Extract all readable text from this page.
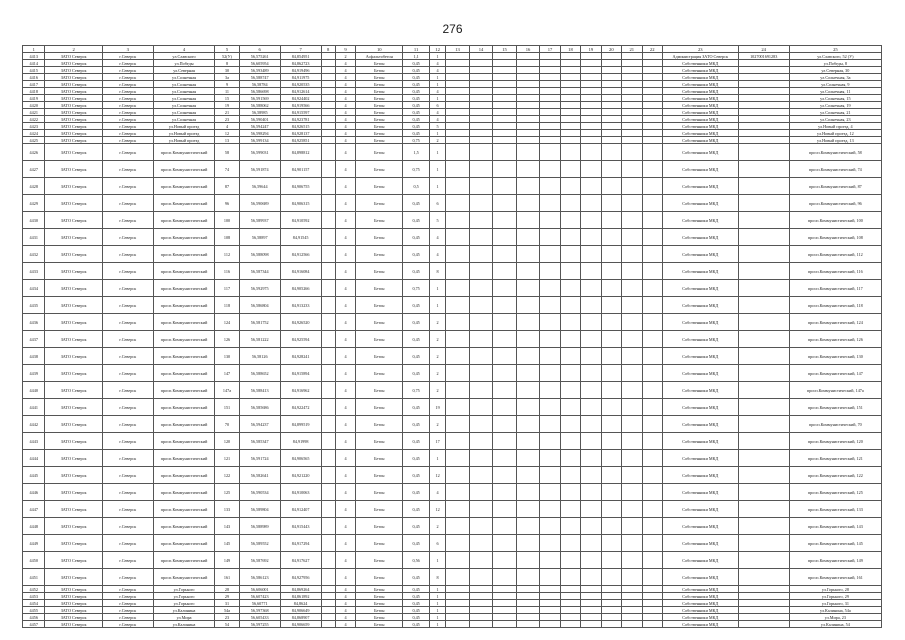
276
1	2	3	4	5	6	7	8	9	10	11	12	13	14	15	16	17	18	19	20	21	22	23	24	25
4413	ЗАТО Северск	г.Северск	ул.Славского	52(У)	56,575261	84,854951		2	Асфальтобетон	1,1	1											Администрация ЗАТО Северск	1027001691283	ул.Славского, 52 (У)
4414	ЗАТО Северск	г.Северск	ул.Победы	8	56,605954	84,862723		4	Бетон	0,45	4											Собственники МКД		ул.Победы, 8
4415	ЗАТО Северск	г.Северск	ул.Северная	30	56,593489	84,919496		4	Бетон	0,45	4											Собственники МКД		ул.Северная, 30
4416	ЗАТО Северск	г.Северск	ул.Солнечная	3а	56,588747	84,911975		4	Бетон	0,45	1											Собственники МКД		ул.Солнечная, 3а
4417	ЗАТО Северск	г.Северск	ул.Солнечная	9	56,58784	84,920535		4	Бетон	0,45	1											Собственники МКД		ул.Солнечная, 9
4418	ЗАТО Северск	г.Северск	ул.Солнечная	11	56,586698	84,912614		4	Бетон	0,45	4											Собственники МКД		ул.Солнечная, 11
4419	ЗАТО Северск	г.Северск	ул.Солнечная	15	56,591569	84,924402		4	Бетон	0,45	1											Собственники МКД		ул.Солнечная, 15
4420	ЗАТО Северск	г.Северск	ул.Солнечная	19	56,588062	84,919566		4	Бетон	0,45	6											Собственники МКД		ул.Солнечная, 19
4421	ЗАТО Северск	г.Северск	ул.Солнечная	21	56,58985	84,915597		4	Бетон	0,45	4											Собственники МКД		ул.Солнечная, 21
4422	ЗАТО Северск	г.Северск	ул.Солнечная	23	56,590401	84,923781		4	Бетон	0,45	4											Собственники МКД		ул.Солнечная, 23
4423	ЗАТО Северск	г.Северск	ул.Новый проезд	4	56,594247	84,926515		4	Бетон	0,45	5											Собственники МКД		ул.Новый проезд, 4
4424	ЗАТО Северск	г.Северск	ул.Новый проезд	12	56,598294	84,928137		4	Бетон	0,45	1											Собственники МКД		ул.Новый проезд, 12
4425	ЗАТО Северск	г.Северск	ул.Новый проезд	13	56,599134	84,925851		4	Бетон	0,75	2											Собственники МКД		ул.Новый проезд, 13
4426	ЗАТО Северск	г.Северск	просп.Коммунистический	58	56,599031	84,898812		4	Бетон	1,5	1											Собственники МКД		просп.Коммунистический, 58
4427	ЗАТО Северск	г.Северск	просп.Коммунистический	74	56,591874	84,901157		4	Бетон	0,75	1											Собственники МКД		просп.Коммунистический, 74
4428	ЗАТО Северск	г.Северск	просп.Коммунистический	87	56,59644	84,906755		4	Бетон	0,5	1											Собственники МКД		просп.Коммунистический, 87
4429	ЗАТО Северск	г.Северск	просп.Коммунистический	96	56,590689	84,906315		4	Бетон	0,45	6											Собственники МКД		просп.Коммунистический, 96
4430	ЗАТО Северск	г.Северск	просп.Коммунистический	100	56,589937	84,910592		4	Бетон	0,45	5											Собственники МКД		просп.Коммунистический, 100
4431	ЗАТО Северск	г.Северск	просп.Коммунистический	108	56,58897	84,91545		4	Бетон	0,45	4											Собственники МКД		просп.Коммунистический, 108
4432	ЗАТО Северск	г.Северск	просп.Коммунистический	112	56,588098	84,912566		4	Бетон	0,45	4											Собственники МКД		просп.Коммунистический, 112
4433	ЗАТО Северск	г.Северск	просп.Коммунистический	116	56,587344	84,916084		4	Бетон	0,45	8											Собственники МКД		просп.Коммунистический, 116
4434	ЗАТО Северск	г.Северск	просп.Коммунистический	117	56,592975	84,905266		4	Бетон	0,75	1											Собственники МКД		просп.Коммунистический, 117
4435	ЗАТО Северск	г.Северск	просп.Коммунистический	118	56,586804	84,913233		4	Бетон	0,45	1											Собственники МКД		просп.Коммунистический, 118
4436	ЗАТО Северск	г.Северск	просп.Коммунистический	124	56,581752	84,926520		4	Бетон	0,45	2											Собственники МКД		просп.Коммунистический, 124
4437	ЗАТО Северск	г.Северск	просп.Коммунистический	126	56,581222	84,925594		4	Бетон	0,45	2											Собственники МКД		просп.Коммунистический, 126
4438	ЗАТО Северск	г.Северск	просп.Коммунистический	130	56,58126	84,928241		4	Бетон	0,45	2											Собственники МКД		просп.Коммунистический, 130
4439	ЗАТО Северск	г.Северск	просп.Коммунистический	147	56,588652	84,915894		4	Бетон	0,45	2											Собственники МКД		просп.Коммунистический, 147
4440	ЗАТО Северск	г.Северск	просп.Коммунистический	147а	56,588413	84,916962		4	Бетон	0,75	2											Собственники МКД		просп.Коммунистический, 147а
4441	ЗАТО Северск	г.Северск	просп.Коммунистический	151	56,585686	84,922472		4	Бетон	0,45	19											Собственники МКД		просп.Коммунистический, 151
4442	ЗАТО Северск	г.Северск	просп.Коммунистический	70	56,594237	84,899519		4	Бетон	0,45	2											Собственники МКД		просп.Коммунистический, 70
4443	ЗАТО Северск	г.Северск	просп.Коммунистический	120	56,585347	84,91998		4	Бетон	0,45	17											Собственники МКД		просп.Коммунистический, 120
4444	ЗАТО Северск	г.Северск	просп.Коммунистический	121	56,591724	84,906565		4	Бетон	0,45	1											Собственники МКД		просп.Коммунистический, 121
4445	ЗАТО Северск	г.Северск	просп.Коммунистический	122	56,582641	84,921220		4	Бетон	0,45	12											Собственники МКД		просп.Коммунистический, 122
4446	ЗАТО Северск	г.Северск	просп.Коммунистический	125	56,590534	84,910063		4	Бетон	0,45	4											Собственники МКД		просп.Коммунистический, 125
4447	ЗАТО Северск	г.Северск	просп.Коммунистический	133	56,589804	84,912407		4	Бетон	0,45	12											Собственники МКД		просп.Коммунистический, 133
4448	ЗАТО Северск	г.Северск	просп.Коммунистический	143	56,588989	84,915443		4	Бетон	0,45	2											Собственники МКД		просп.Коммунистический, 143
4449	ЗАТО Северск	г.Северск	просп.Коммунистический	145	56,589552	84,917294		4	Бетон	0,45	6											Собственники МКД		просп.Коммунистический, 145
4450	ЗАТО Северск	г.Северск	просп.Коммунистический	149	56,587692	84,917627		4	Бетон	0,56	1											Собственники МКД		просп.Коммунистический, 149
4451	ЗАТО Северск	г.Северск	просп.Коммунистический	161	56,586123	84,927956		4	Бетон	0,45	8											Собственники МКД		просп.Коммунистический, 161
4452	ЗАТО Северск	г.Северск	ул.Горького	28	56,606001	84,869264		4	Бетон	0,45	1											Собственники МКД		ул.Горького, 28
4453	ЗАТО Северск	г.Северск	ул.Горького	29	56,607423	84,861892		4	Бетон	0,45	1											Собственники МКД		ул.Горького, 29
4454	ЗАТО Северск	г.Северск	ул.Горького	31	56,60771	84,8624		4	Бетон	0,45	1											Собственники МКД		ул.Горького, 31
4455	ЗАТО Северск	г.Северск	ул.Калинина	54а	56,597368	84,906649		4	Бетон	0,45	1											Собственники МКД		ул.Калинина, 54а
4456	ЗАТО Северск	г.Северск	ул.Мира	23	56,605433	84,868907		4	Бетон	0,45	1											Собственники МКД		ул.Мира, 23
4457	ЗАТО Северск	г.Северск	ул.Калинина	54	56,597255	84,906659		4	Бетон	0,45	1											Собственники МКД		ул.Калинина, 54
